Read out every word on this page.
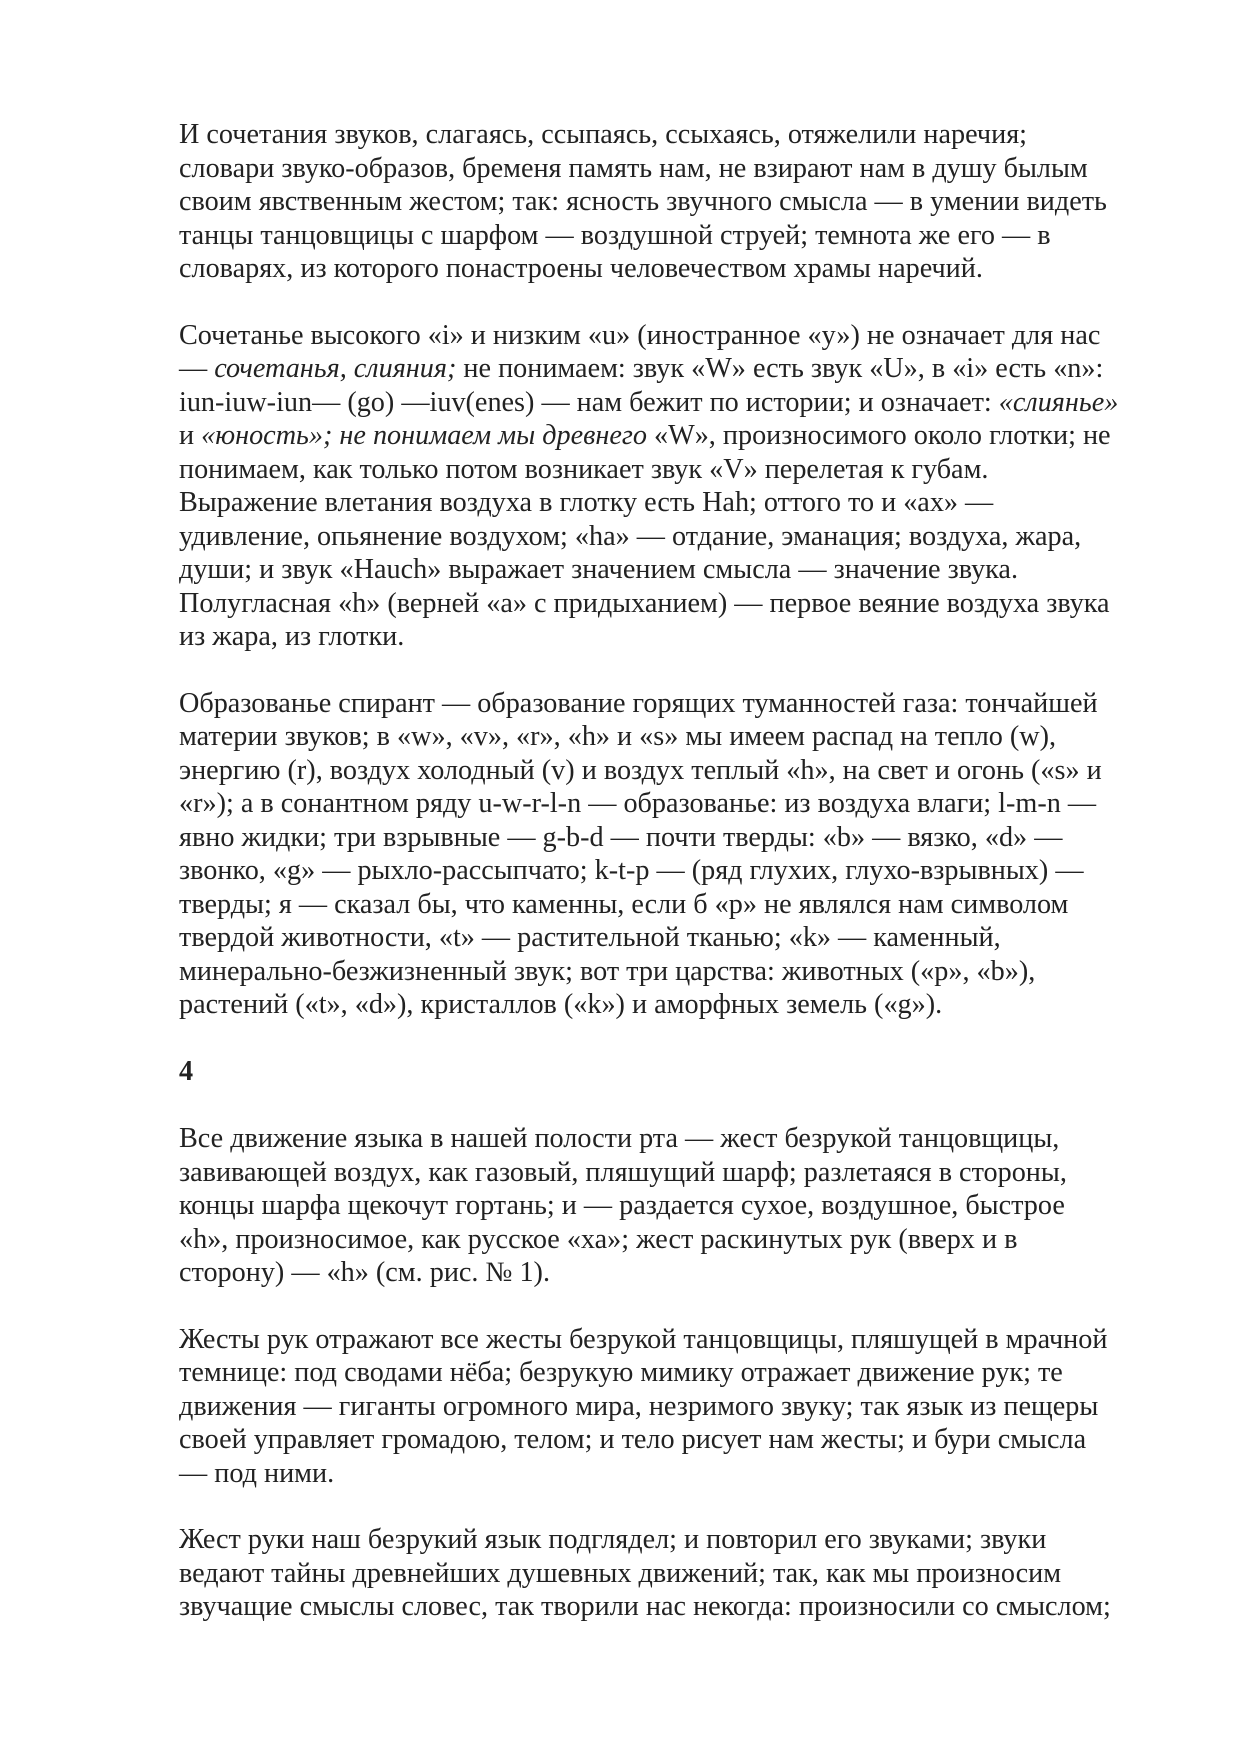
И сочетания звуков, слагаясь, ссыпаясь, ссыхаясь, отяжелили наречия;
словари звуко-образов, бременя память нам, не взирают нам в душу былым
своим явственным жестом; так: ясность звучного смысла — в умении видеть
танцы танцовщицы с шарфом — воздушной струей; темнота же его — в
словарях, из которого понастроены человечеством храмы наречий.

Сочетанье высокого «i» и низким «u» (иностранное «у») не означает для нас
— сочетанья, слияния; не понимаем: звук «W» есть звук «U», в «i» есть «n»:
iun-iuw-iun— (go) —iuv(enes) — нам бежит по истории; и означает: «слиянье»
и «юность»; не понимаем мы древнего «W», произносимого около глотки; не
понимаем, как только потом возникает звук «V» перелетая к губам.
Выражение влетания воздуха в глотку есть Hah; оттого то и «ах» —
удивление, опьянение воздухом; «ha» — отдание, эманация; воздуха, жара,
души; и звук «Hauch» выражает значением смысла — значение звука.
Полугласная «h» (верней «а» с придыханием) — первое веяние воздуха звука
из жара, из глотки.

Образованье спирант — образование горящих туманностей газа: тончайшей
материи звуков; в «w», «v», «r», «h» и «s» мы имеем распад на тепло (w),
энергию (r), воздух холодный (v) и воздух теплый «h», на свет и огонь («s» и
«r»); а в сонантном ряду u-w-r-l-n — образованье: из воздуха влаги; l-m-n —
явно жидки; три взрывные — g-b-d — почти тверды: «b» — вязко, «d» —
звонко, «g» — рыхло-рассыпчато; k-t-p — (ряд глухих, глухо-взрывных) —
тверды; я — сказал бы, что каменны, если б «р» не являлся нам символом
твердой животности, «t» — растительной тканью; «k» — каменный,
минерально-безжизненный звук; вот три царства: животных («р», «b»),
растений («t», «d»), кристаллов («k») и аморфных земель («g»).

4

Все движение языка в нашей полости рта — жест безрукой танцовщицы,
завивающей воздух, как газовый, пляшущий шарф; разлетаяся в стороны,
концы шарфа щекочут гортань; и — раздается сухое, воздушное, быстрое
«h», произносимое, как русское «ха»; жест раскинутых рук (вверх и в
сторону) — «h» (см. рис. № 1).

Жесты рук отражают все жесты безрукой танцовщицы, пляшущей в мрачной
темнице: под сводами нёба; безрукую мимику отражает движение рук; те
движения — гиганты огромного мира, незримого звуку; так язык из пещеры
своей управляет громадою, телом; и тело рисует нам жесты; и бури смысла
— под ними.

Жест руки наш безрукий язык подглядел; и повторил его звуками; звуки
ведают тайны древнейших душевных движений; так, как мы произносим
звучащие смыслы словес, так творили нас некогда: произносили со смыслом;
